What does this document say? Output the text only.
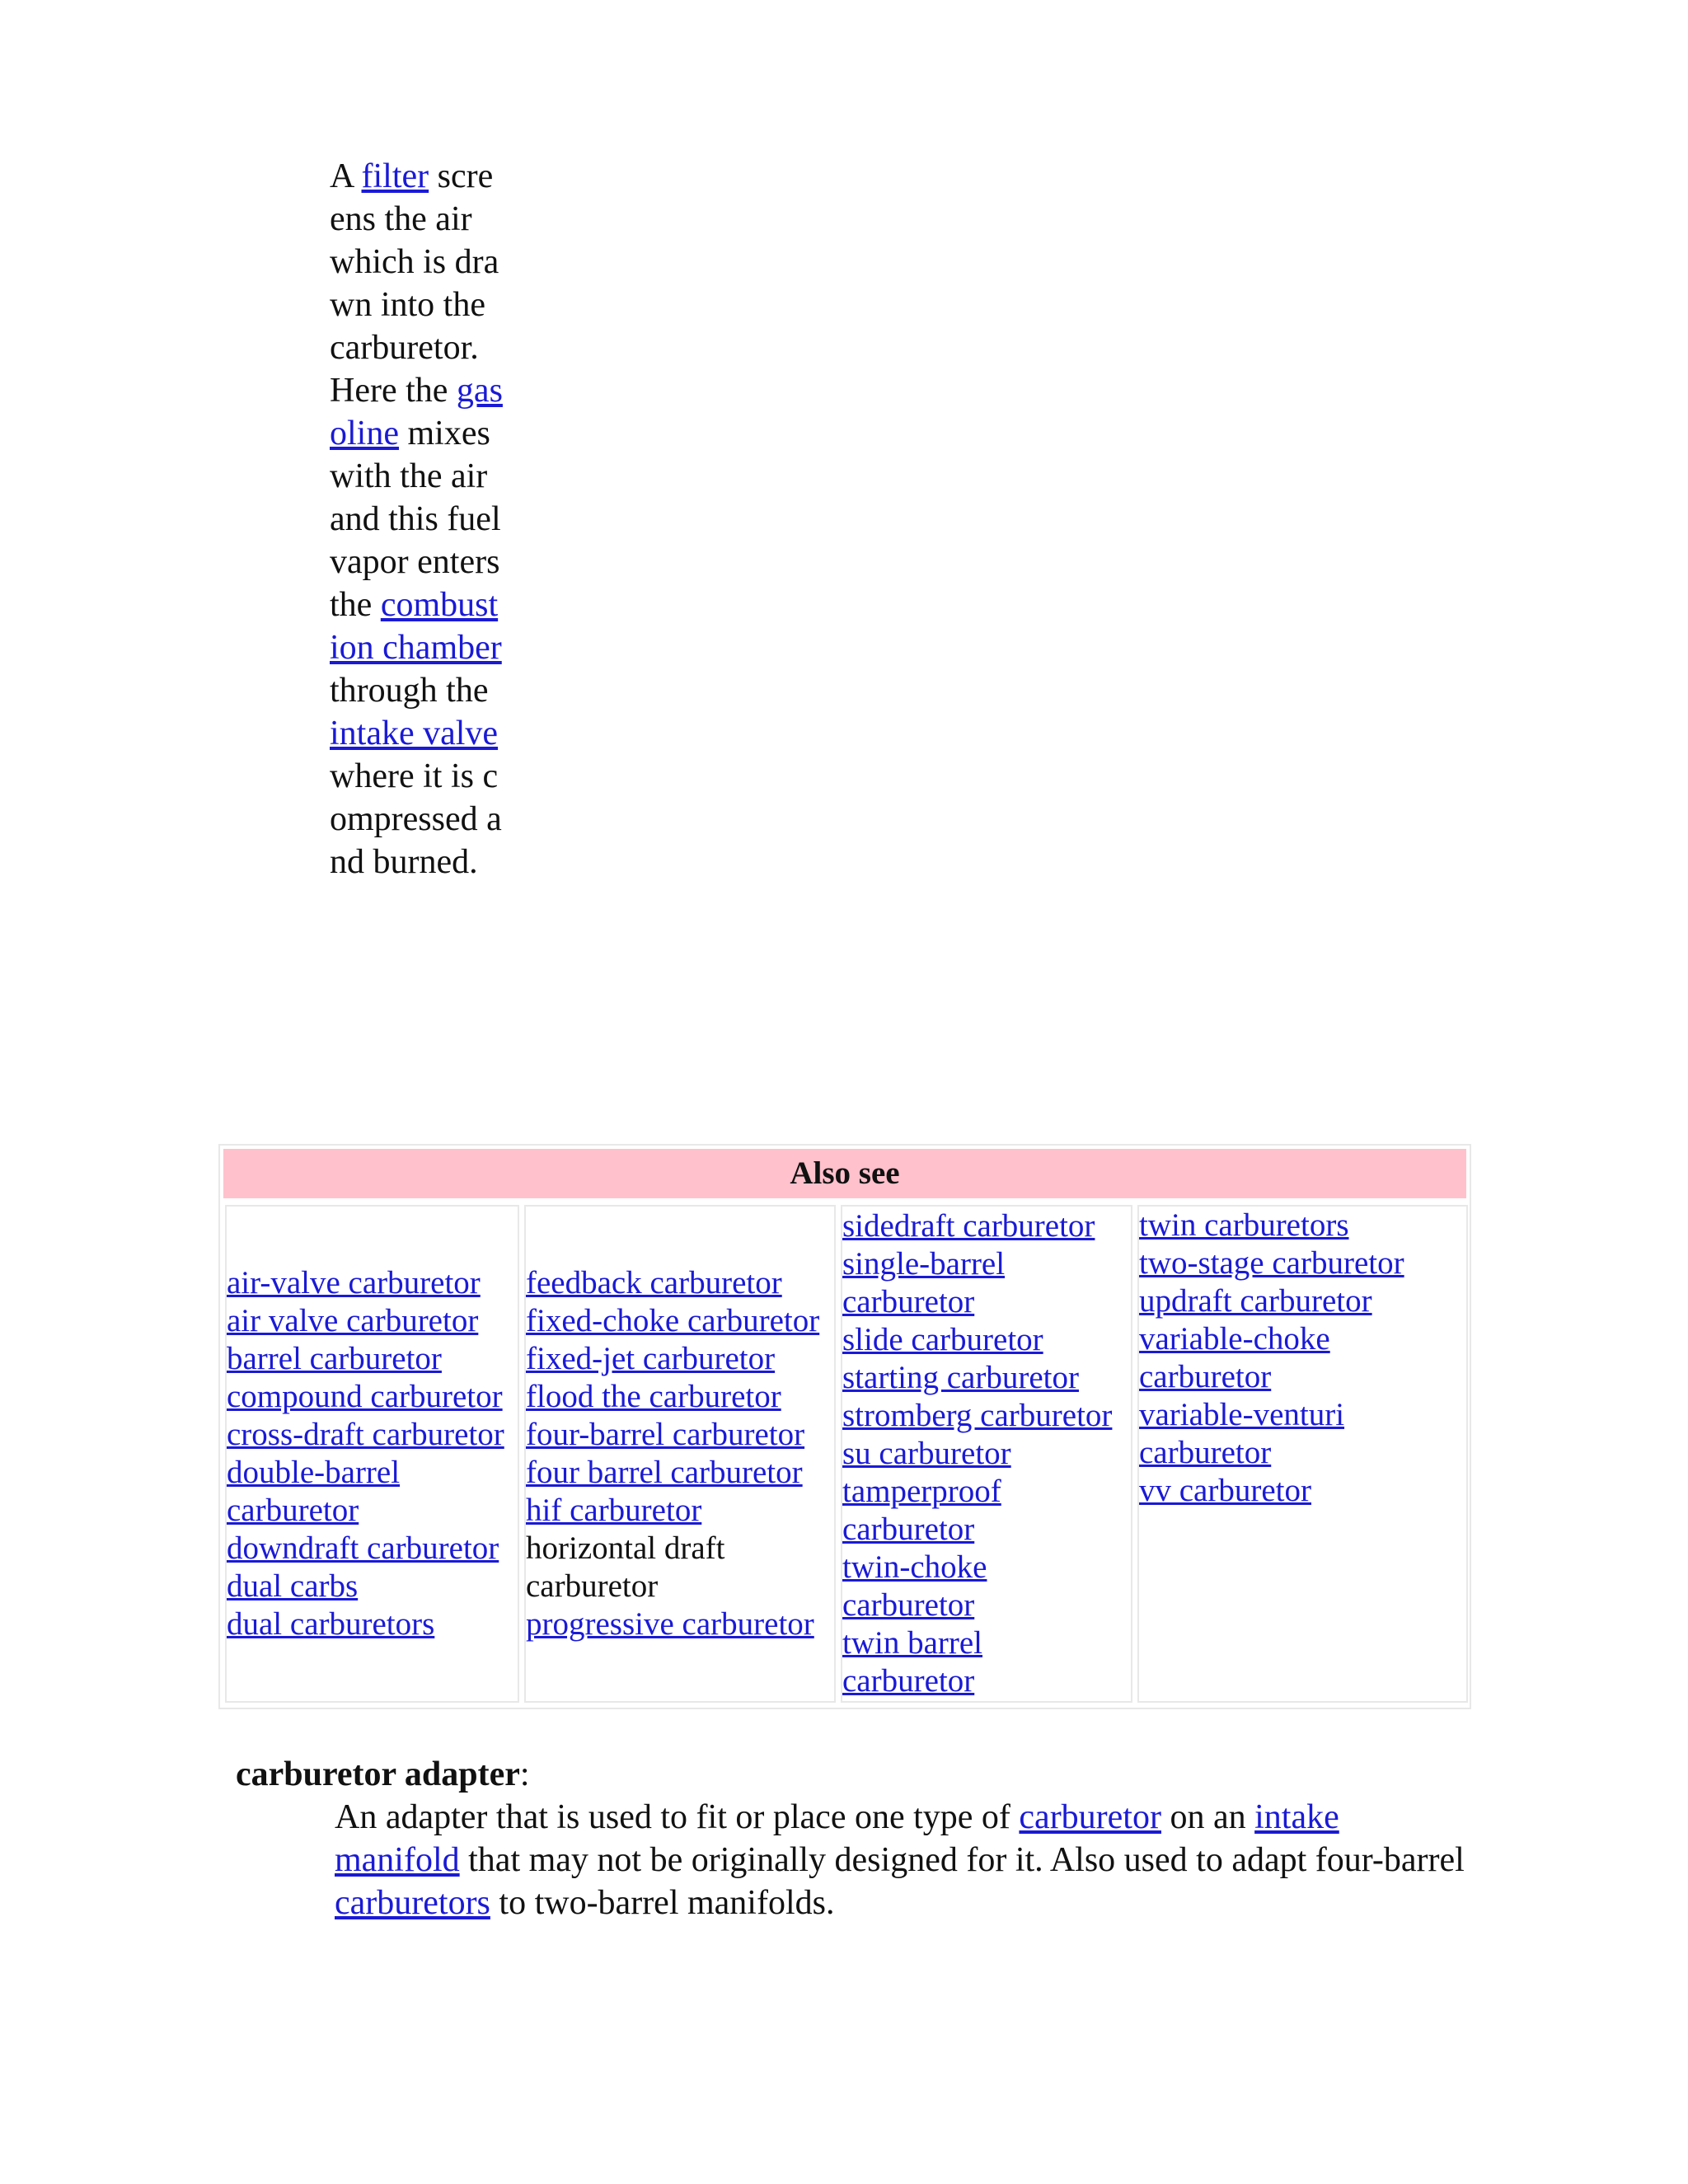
A filter screens the air which is drawn into the carburetor. Here the gasoline mixes with the air and this fuel vapor enters the combustion chamber through the intake valve where it is compressed and burned.
Also see
air-valve carburetor
air valve carburetor
barrel carburetor
compound carburetor
cross-draft carburetor
double-barrel
carburetor
downdraft carburetor
dual carbs
dual carburetors
feedback carburetor
fixed-choke carburetor
fixed-jet carburetor
flood the carburetor
four-barrel carburetor
four barrel carburetor
hif carburetor
horizontal draft
carburetor
progressive carburetor
sidedraft carburetor
single-barrel
carburetor
slide carburetor
starting carburetor
stromberg carburetor
su carburetor
tamperproof
carburetor
twin-choke
carburetor
twin barrel
carburetor
twin carburetors
two-stage carburetor
updraft carburetor
variable-choke
carburetor
variable-venturi
carburetor
vv carburetor
carburetor adapter:
An adapter that is used to fit or place one type of carburetor on an intake manifold that may not be originally designed for it. Also used to adapt four-barrel carburetors to two-barrel manifolds.
